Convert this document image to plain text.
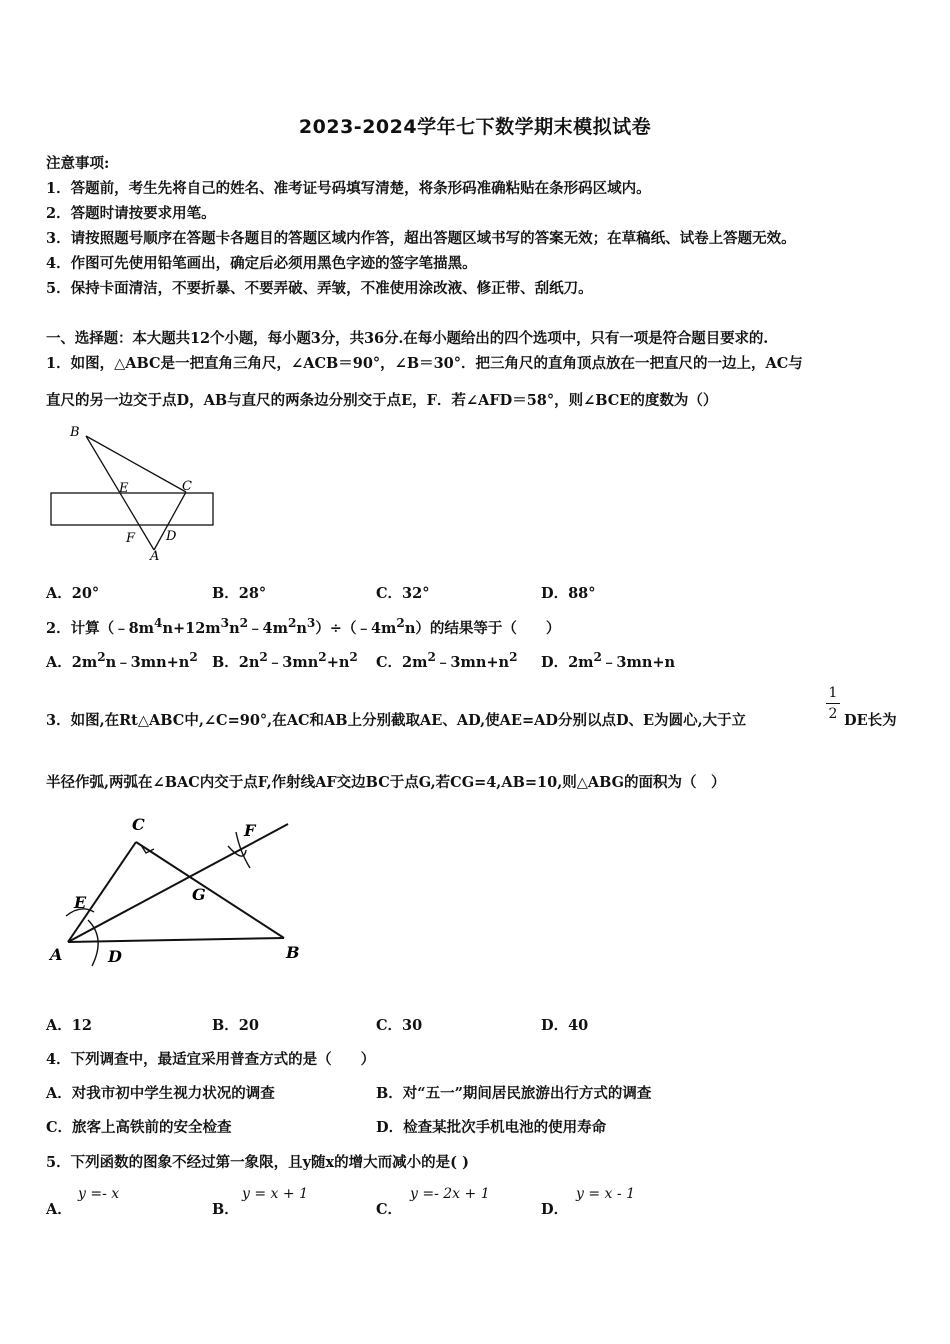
2023-2024学年七下数学期末模拟试卷
注意事项:
1．答题前，考生先将自己的姓名、准考证号码填写清楚，将条形码准确粘贴在条形码区域内。
2．答题时请按要求用笔。
3．请按照题号顺序在答题卡各题目的答题区域内作答，超出答题区域书写的答案无效；在草稿纸、试卷上答题无效。
4．作图可先使用铅笔画出，确定后必须用黑色字迹的签字笔描黑。
5．保持卡面清洁，不要折暴、不要弄破、弄皱，不准使用涂改液、修正带、刮纸刀。
一、选择题：本大题共12个小题，每小题3分，共36分.在每小题给出的四个选项中，只有一项是符合题目要求的.
1．如图，△ABC是一把直角三角尺，∠ACB＝90°，∠B＝30°．把三角尺的直角顶点放在一把直尺的一边上，AC与
直尺的另一边交于点D，AB与直尺的两条边分别交于点E，F．若∠AFD＝58°，则∠BCE的度数为（）
B
E	C
F D
A
A．20°	B．28°	C．32°	D．88°
2．计算$(﹣8m^4n+12m^3n^2﹣4m^2n^3)\div(﹣4m^2n)$的结果等于（　　）
A．$2m^2n﹣3mn+n^2$ B．$2n^2﹣3mn^2+n^2$ C．$2m^2﹣3mn+n^2$ D．$2m^2﹣3mn+n$
3．如图,在Rt△ABC中,∠C=90°,在AC和AB上分别截取AE、AD,使AE=AD分别以点D、E为圆心,大于立
1
2 DE长为
半径作弧,两弧在∠BAC内交于点F,作射线AF交边BC于点G,若CG=4,AB=10,则△ABG的面积为（　）
C	F
E	G
A	D	B
A．12	B．20	C．30	D．40
4．下列调查中，最适宜采用普查方式的是（　　）
A．对我市初中学生视力状况的调查	B．对“五一”期间居民旅游出行方式的调查
C．旅客上高铁前的安全检查	D．检查某批次手机电池的使用寿命
5．下列函数的图象不经过第一象限，且y随x的增大而减小的是( )
A．
y =- x
B．
y = x + 1
C．
y =- 2x + 1
D．
y = x - 1
